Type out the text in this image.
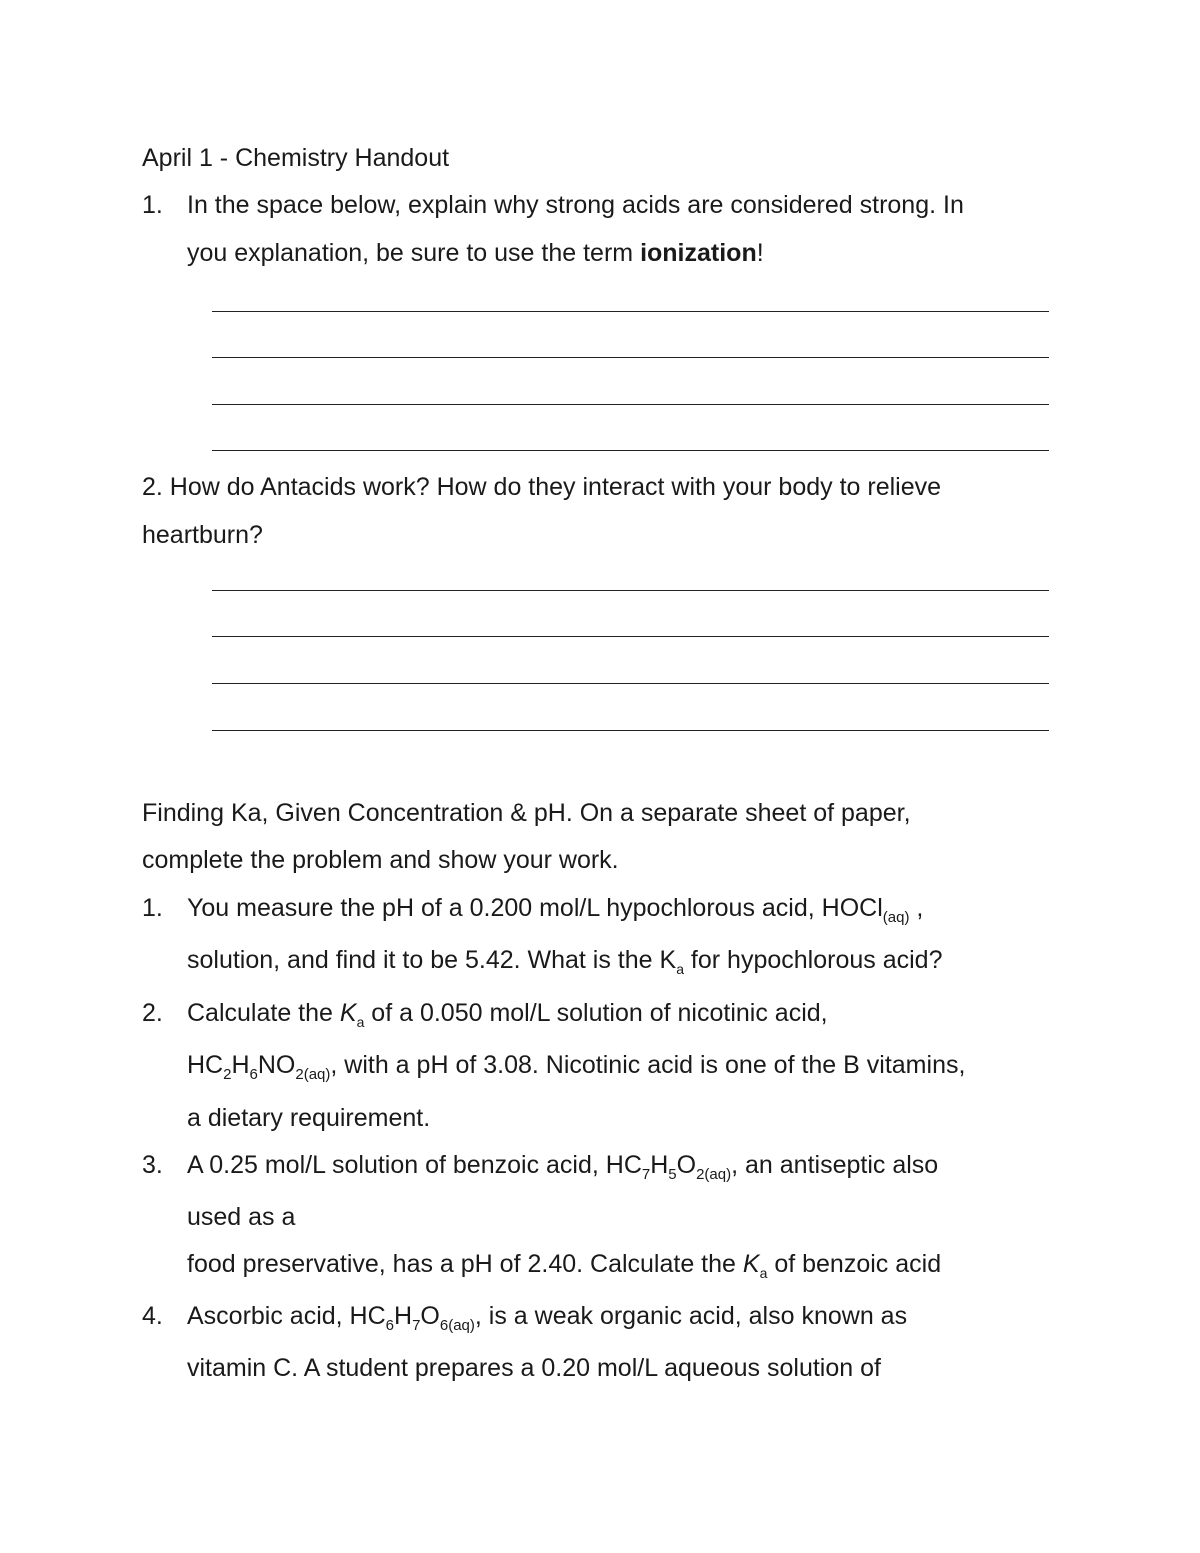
April 1 - Chemistry Handout
1. In the space below, explain why strong acids are considered strong. In
you explanation, be sure to use the term ionization!
2. How do Antacids work? How do they interact with your body to relieve
heartburn?
Finding Ka, Given Concentration & pH. On a separate sheet of paper,
complete the problem and show your work.
1. You measure the pH of a 0.200 mol/L hypochlorous acid, HOCl$_{(aq)}$ ,
solution, and find it to be 5.42. What is the $K_a$ for hypochlorous acid?
2. Calculate the $K_a$ of a 0.050 mol/L solution of nicotinic acid,
$HC_2H_6NO_{2(aq)}$, with a pH of 3.08. Nicotinic acid is one of the B vitamins,
a dietary requirement.
3. A 0.25 mol/L solution of benzoic acid, $HC_7H_5O_{2(aq)}$, an antiseptic also
used as a
food preservative, has a pH of 2.40. Calculate the $K_a$ of benzoic acid
4. Ascorbic acid, $HC_6H_7O_{6(aq)}$, is a weak organic acid, also known as
vitamin C. A student prepares a 0.20 mol/L aqueous solution of
